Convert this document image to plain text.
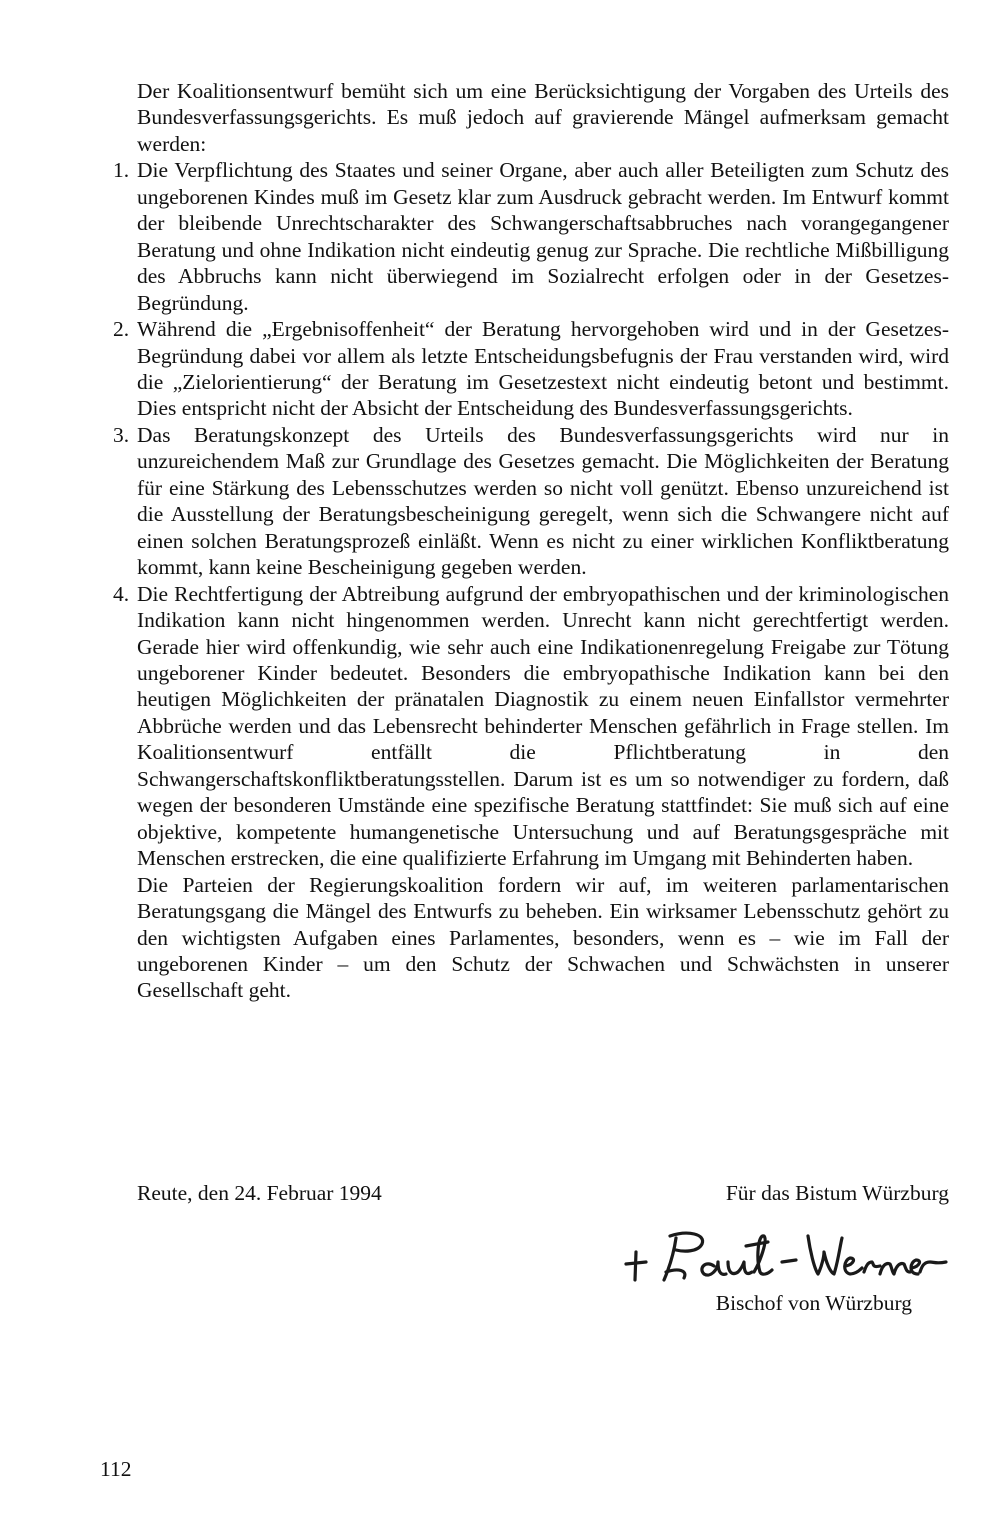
Der Koalitionsentwurf bemüht sich um eine Berücksichtigung der Vorgaben des Urteils des Bundesverfassungsgerichts. Es muß jedoch auf gravierende Mängel aufmerksam gemacht werden:

1. Die Verpflichtung des Staates und seiner Organe, aber auch aller Beteiligten zum Schutz des ungeborenen Kindes muß im Gesetz klar zum Ausdruck gebracht werden. Im Entwurf kommt der bleibende Unrechtscharakter des Schwangerschaftsabbruches nach vorangegangener Beratung und ohne Indikation nicht eindeutig genug zur Sprache. Die rechtliche Mißbilligung des Abbruchs kann nicht überwiegend im Sozialrecht erfolgen oder in der Gesetzes-Begründung.
2. Während die „Ergebnisoffenheit“ der Beratung hervorgehoben wird und in der Gesetzes-Begründung dabei vor allem als letzte Entscheidungsbefugnis der Frau verstanden wird, wird die „Zielorientierung“ der Beratung im Gesetzestext nicht eindeutig betont und bestimmt. Dies entspricht nicht der Absicht der Entscheidung des Bundesverfassungsgerichts.
3. Das Beratungskonzept des Urteils des Bundesverfassungsgerichts wird nur in unzureichendem Maß zur Grundlage des Gesetzes gemacht. Die Möglichkeiten der Beratung für eine Stärkung des Lebensschutzes werden so nicht voll genützt. Ebenso unzureichend ist die Ausstellung der Beratungsbescheinigung geregelt, wenn sich die Schwangere nicht auf einen solchen Beratungsprozeß einläßt. Wenn es nicht zu einer wirklichen Konfliktberatung kommt, kann keine Bescheinigung gegeben werden.
4. Die Rechtfertigung der Abtreibung aufgrund der embryopathischen und der kriminologischen Indikation kann nicht hingenommen werden. Unrecht kann nicht gerechtfertigt werden. Gerade hier wird offenkundig, wie sehr auch eine Indikationenregelung Freigabe zur Tötung ungeborener Kinder bedeutet. Besonders die embryopathische Indikation kann bei den heutigen Möglichkeiten der pränatalen Diagnostik zu einem neuen Einfallstor vermehrter Abbrüche werden und das Lebensrecht behinderter Menschen gefährlich in Frage stellen. Im Koalitionsentwurf entfällt die Pflichtberatung in den Schwangerschaftskonfliktberatungsstellen. Darum ist es um so notwendiger zu fordern, daß wegen der besonderen Umstände eine spezifische Beratung stattfindet: Sie muß sich auf eine objektive, kompetente humangenetische Untersuchung und auf Beratungsgespräche mit Menschen erstrecken, die eine qualifizierte Erfahrung im Umgang mit Behinderten haben.

Die Parteien der Regierungskoalition fordern wir auf, im weiteren parlamentarischen Beratungsgang die Mängel des Entwurfs zu beheben. Ein wirksamer Lebensschutz gehört zu den wichtigsten Aufgaben eines Parlamentes, besonders, wenn es – wie im Fall der ungeborenen Kinder – um den Schutz der Schwachen und Schwächsten in unserer Gesellschaft geht.

Reute, den 24. Februar 1994	Für das Bistum Würzburg
+ Paul-Werner
Bischof von Würzburg
112
